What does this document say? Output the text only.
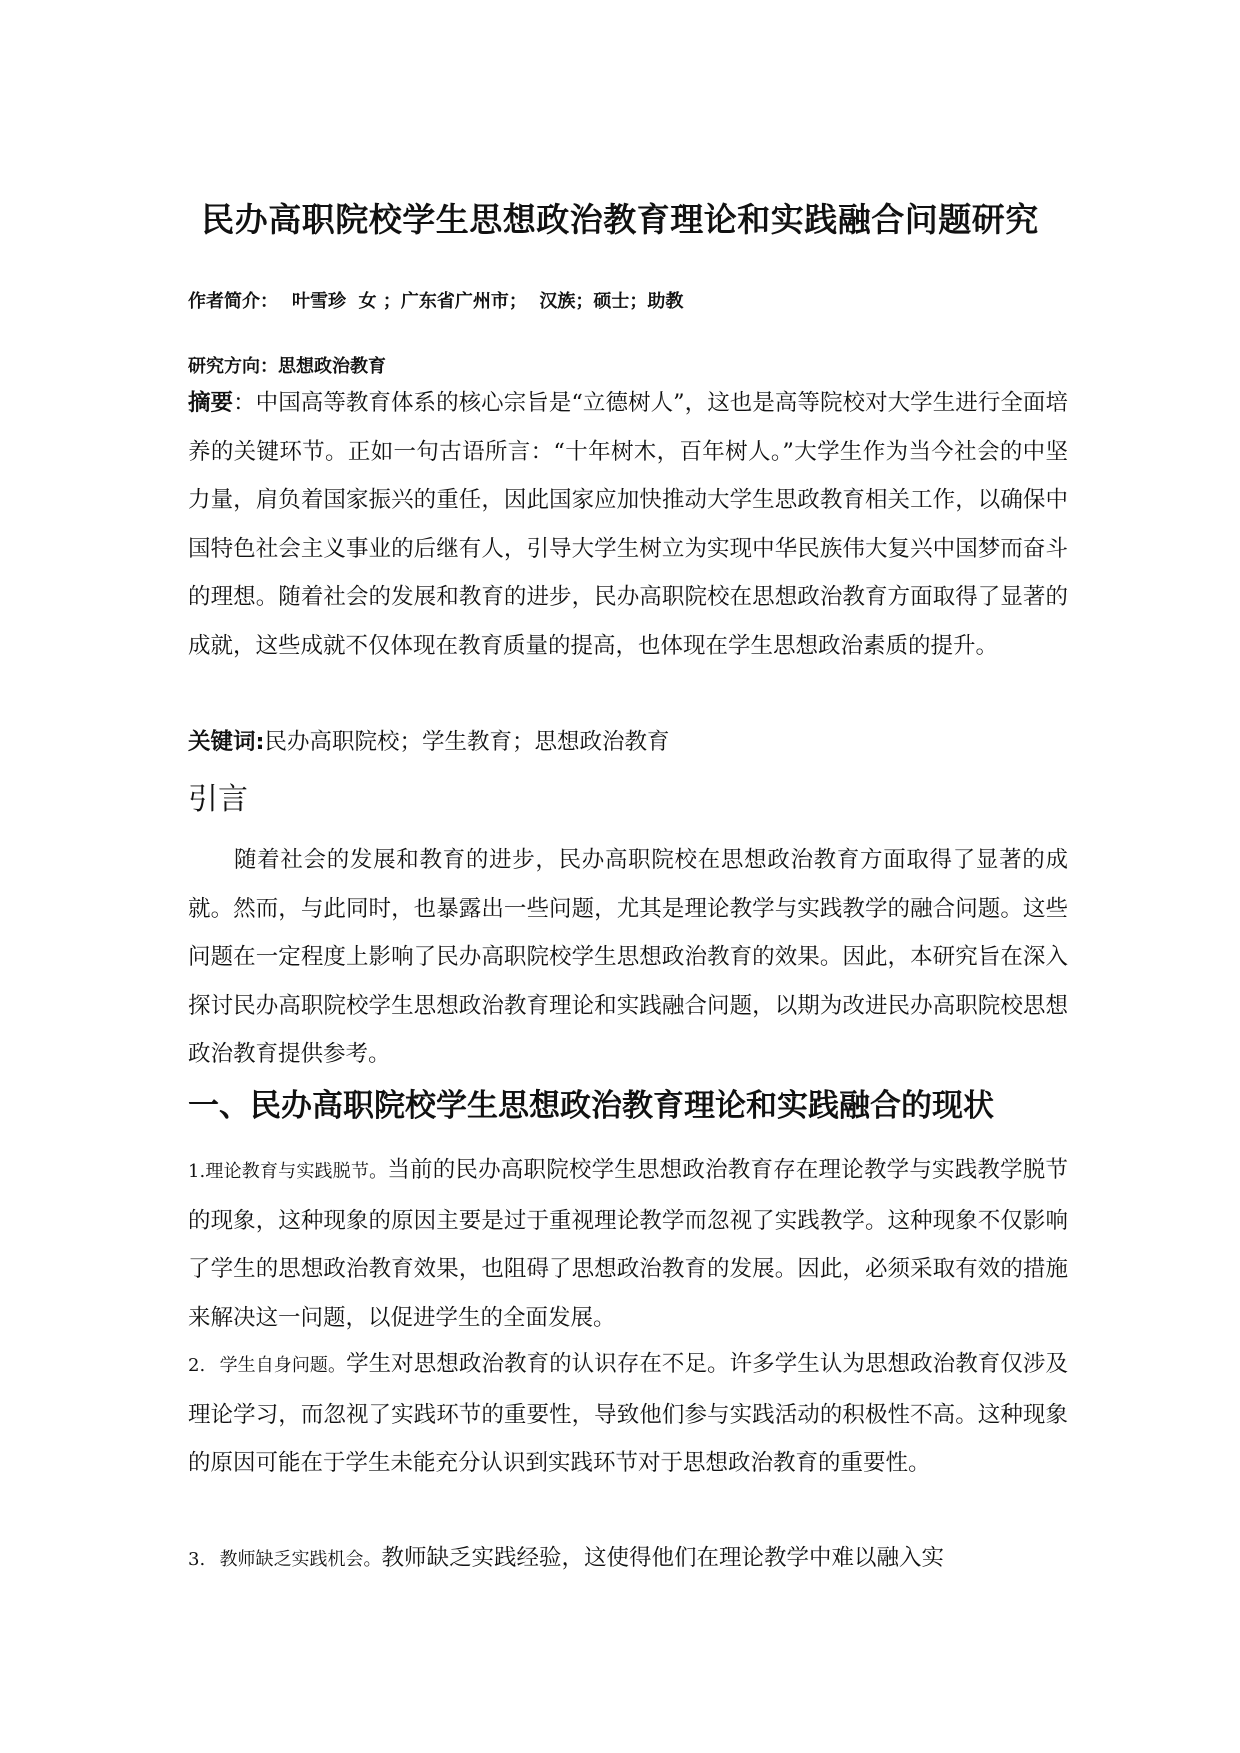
民办高职院校学生思想政治教育理论和实践融合问题研究
作者简介： 叶雪珍 女 ；广东省广州市； 汉族；硕士；助教
研究方向：思想政治教育
摘要：中国高等教育体系的核心宗旨是“立德树人”，这也是高等院校对大学生进行全面培养的关键环节。正如一句古语所言：“十年树木，百年树人。”大学生作为当今社会的中坚力量，肩负着国家振兴的重任，因此国家应加快推动大学生思政教育相关工作，以确保中国特色社会主义事业的后继有人，引导大学生树立为实现中华民族伟大复兴中国梦而奋斗的理想。随着社会的发展和教育的进步，民办高职院校在思想政治教育方面取得了显著的成就，这些成就不仅体现在教育质量的提高，也体现在学生思想政治素质的提升。
关键词:民办高职院校；学生教育；思想政治教育
引言
随着社会的发展和教育的进步，民办高职院校在思想政治教育方面取得了显著的成就。然而，与此同时，也暴露出一些问题，尤其是理论教学与实践教学的融合问题。这些问题在一定程度上影响了民办高职院校学生思想政治教育的效果。因此，本研究旨在深入探讨民办高职院校学生思想政治教育理论和实践融合问题，以期为改进民办高职院校思想政治教育提供参考。
一、民办高职院校学生思想政治教育理论和实践融合的现状
1.理论教育与实践脱节。当前的民办高职院校学生思想政治教育存在理论教学与实践教学脱节的现象，这种现象的原因主要是过于重视理论教学而忽视了实践教学。这种现象不仅影响了学生的思想政治教育效果，也阻碍了思想政治教育的发展。因此，必须采取有效的措施来解决这一问题，以促进学生的全面发展。
2. 学生自身问题。学生对思想政治教育的认识存在不足。许多学生认为思想政治教育仅涉及理论学习，而忽视了实践环节的重要性，导致他们参与实践活动的积极性不高。这种现象的原因可能在于学生未能充分认识到实践环节对于思想政治教育的重要性。
3. 教师缺乏实践机会。教师缺乏实践经验，这使得他们在理论教学中难以融入实
